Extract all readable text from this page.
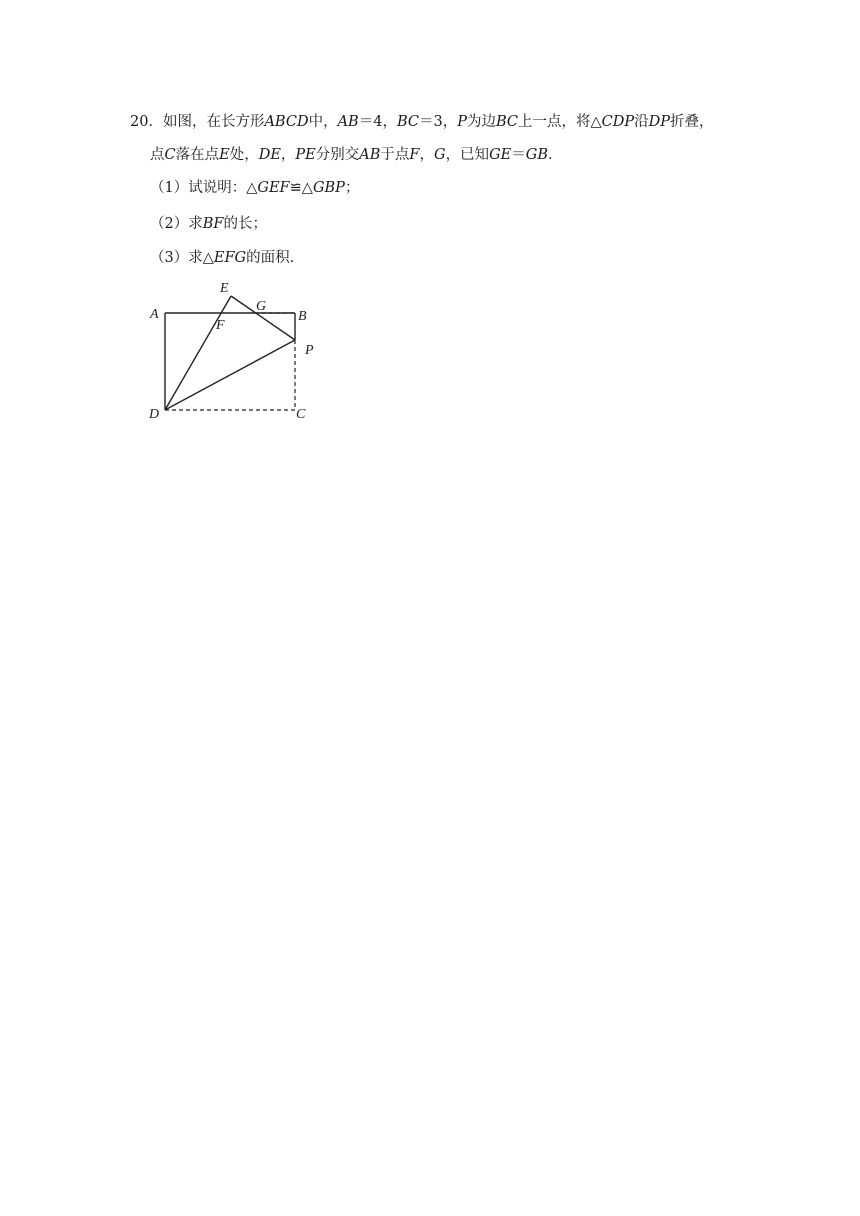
20．如图，在长方形ABCD中，AB＝4，BC＝3，P为边BC上一点，将△CDP沿DP折叠，
点C落在点E处，DE，PE分别交AB于点F，G，已知GE＝GB．
（1）试说明：△GEF≌△GBP；
（2）求BF的长；
（3）求△EFG的面积．
A	B
C
D
E
F
G
P
